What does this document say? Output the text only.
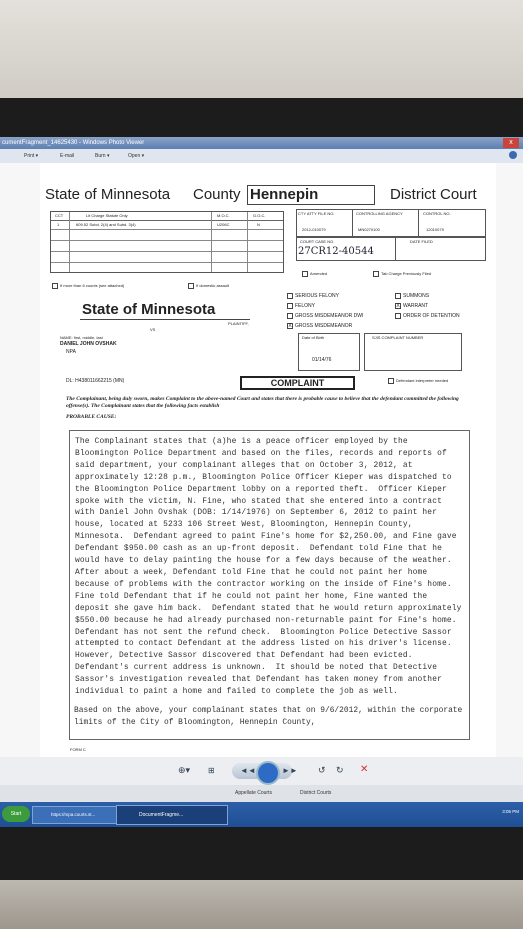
cumentFragment_14625430 - Windows Photo Viewer	x
Print ▾	E-mail	Burn ▾	Open ▾
State of Minnesota County Hennepin	District Court
CCT	Lit Charge Statute Only	M.O.C.	G.O.C.
1	609.52 Subd. 2(4) and Subd. 3(4)	U206C	N
CTY ATTY FILE NO.	CONTROLLING AGENCY	CONTROL NO.
2012-010079	MN0270100	12010079
COURT CASE NO.	DATE FILED
27CR12-40544
Amended	Tab Charge Previously Filed
If more than 6 counts (see attached)	If domestic assault
SERIOUS FELONY
FELONY
GROSS MISDEMEANOR DWI
X GROSS MISDEMEANOR
SUMMONS
X WARRANT
ORDER OF DETENTION
State of Minnesota
PLAINTIFF,
VS
NAME: first, middle, last
DANIEL JOHN OVSHAK
NPA
Date of Birth
01/14/76
SJIS COMPLAINT NUMBER
DL: H438011662215 (MN)	COMPLAINT	Defendant interpreter needed
The Complainant, being duly sworn, makes Complaint to the above-named Court and states that there is probable cause to believe that the defendant committed the following offense(s). The Complainant states that the following facts establish
PROBABLE CAUSE:
The Complainant states that (a)he is a peace officer employed by the Bloomington Police Department and based on the files, records and reports of said department, your complainant alleges that on October 3, 2012, at approximately 12:28 p.m., Bloomington Police Officer Kieper was dispatched to the Bloomington Police Department lobby on a reported theft.  Officer Kieper spoke with the victim, N. Fine, who stated that she entered into a contract with Daniel John Ovshak (DOB: 1/14/1976) on September 6, 2012 to paint her house, located at 5233 106 Street West, Bloomington, Hennepin County, Minnesota.  Defendant agreed to paint Fine's home for $2,250.00, and Fine gave Defendant $950.00 cash as an up-front deposit.  Defendant told Fine that he would have to delay painting the house for a few days because of the weather.  After about a week, Defendant told Fine that he could not paint her home because of problems with the contractor working on the inside of Fine's home.  Fine told Defendant that if he could not paint her home, Fine wanted the deposit she gave him back.  Defendant stated that he would return approximately $550.00 because he had already purchased non-returnable paint for Fine's home.  Defendant has not sent the refund check.  Bloomington Police Detective Sassor attempted to contact Defendant at the address listed on his driver's license.  However, Detective Sassor discovered that Defendant had been evicted.  Defendant's current address is unknown.  It should be noted that Detective Sassor's investigation revealed that Defendant has taken money from another individual to paint a home and failed to complete the job as well.
Based on the above, your complainant states that on 9/6/2012, within the corporate limits of the City of Bloomington, Hennepin County,
FORM C
⊕▾ ⊞	◄◄	►► ↺ ↻ ✕
Appellate Courts	District Courts
Start	https://mpa.courts.st...	DocumentFragme...
3:05 PM
